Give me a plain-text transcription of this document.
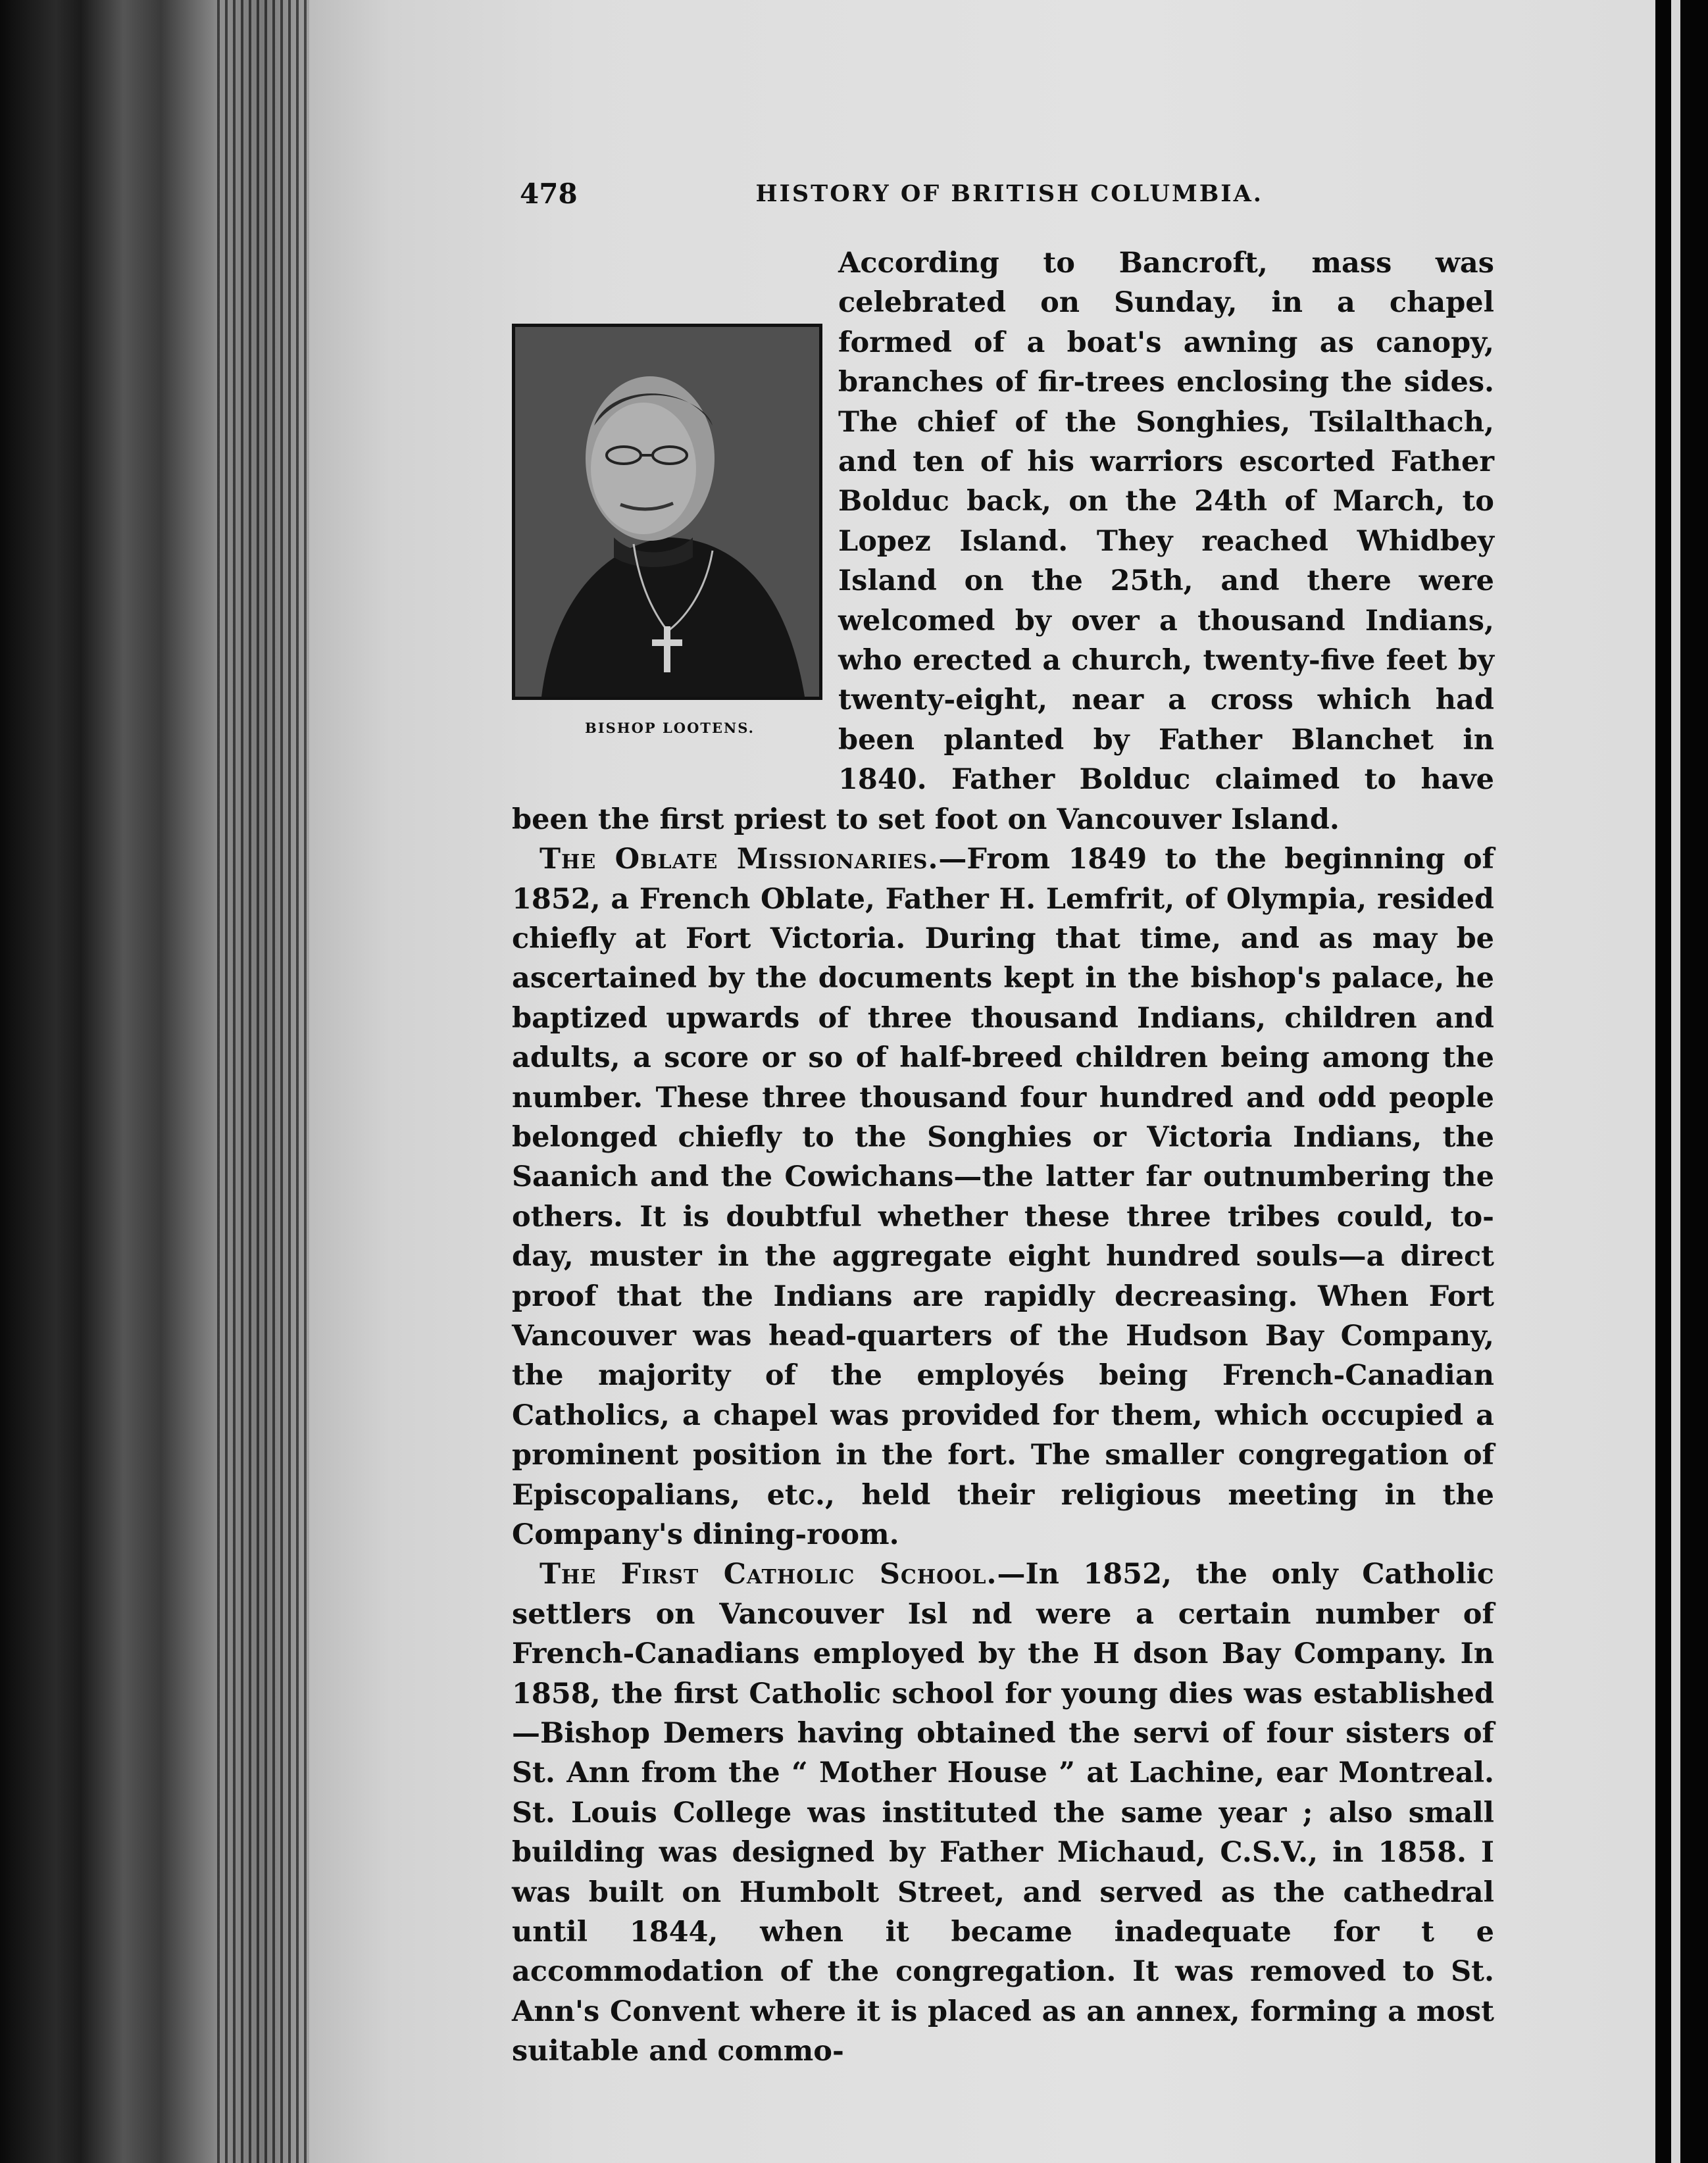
478	HISTORY OF BRITISH COLUMBIA.
BISHOP LOOTENS.

According to Bancroft, mass was celebrated on Sunday, in a chapel formed of a boat's awning as canopy, branches of fir-trees enclosing the sides. The chief of the Songhies, Tsilalthach, and ten of his warriors escorted Father Bolduc back, on the 24th of March, to Lopez Island. They reached Whidbey Island on the 25th, and there were welcomed by over a thousand Indians, who erected a church, twenty-five feet by twenty-eight, near a cross which had been planted by Father Blanchet in 1840. Father Bolduc claimed to have been the first priest to set foot on Vancouver Island.

The Oblate Missionaries.—From 1849 to the beginning of 1852, a French Oblate, Father H. Lemfrit, of Olympia, resided chiefly at Fort Victoria. During that time, and as may be ascertained by the documents kept in the bishop's palace, he baptized upwards of three thousand Indians, children and adults, a score or so of half-breed children being among the number. These three thousand four hundred and odd people belonged chiefly to the Songhies or Victoria Indians, the Saanich and the Cowichans—the latter far outnumbering the others. It is doubtful whether these three tribes could, to-day, muster in the aggregate eight hundred souls—a direct proof that the Indians are rapidly decreasing. When Fort Vancouver was head-quarters of the Hudson Bay Company, the majority of the employés being French-Canadian Catholics, a chapel was provided for them, which occupied a prominent position in the fort. The smaller congregation of Episcopalians, etc., held their religious meeting in the Company's dining-room.

The First Catholic School.—In 1852, the only Catholic settlers on Vancouver Isl nd were a certain number of French-Canadians employed by the H dson Bay Company. In 1858, the first Catholic school for young dies was established—Bishop Demers having obtained the servi of four sisters of St. Ann from the “ Mother House ” at Lachine, ear Montreal. St. Louis College was instituted the same year ; also small building was designed by Father Michaud, C.S.V., in 1858. I was built on Humbolt Street, and served as the cathedral until 1844, when it became inadequate for t e accommodation of the congregation. It was removed to St. Ann's Convent where it is placed as an annex, forming a most suitable and commo-
